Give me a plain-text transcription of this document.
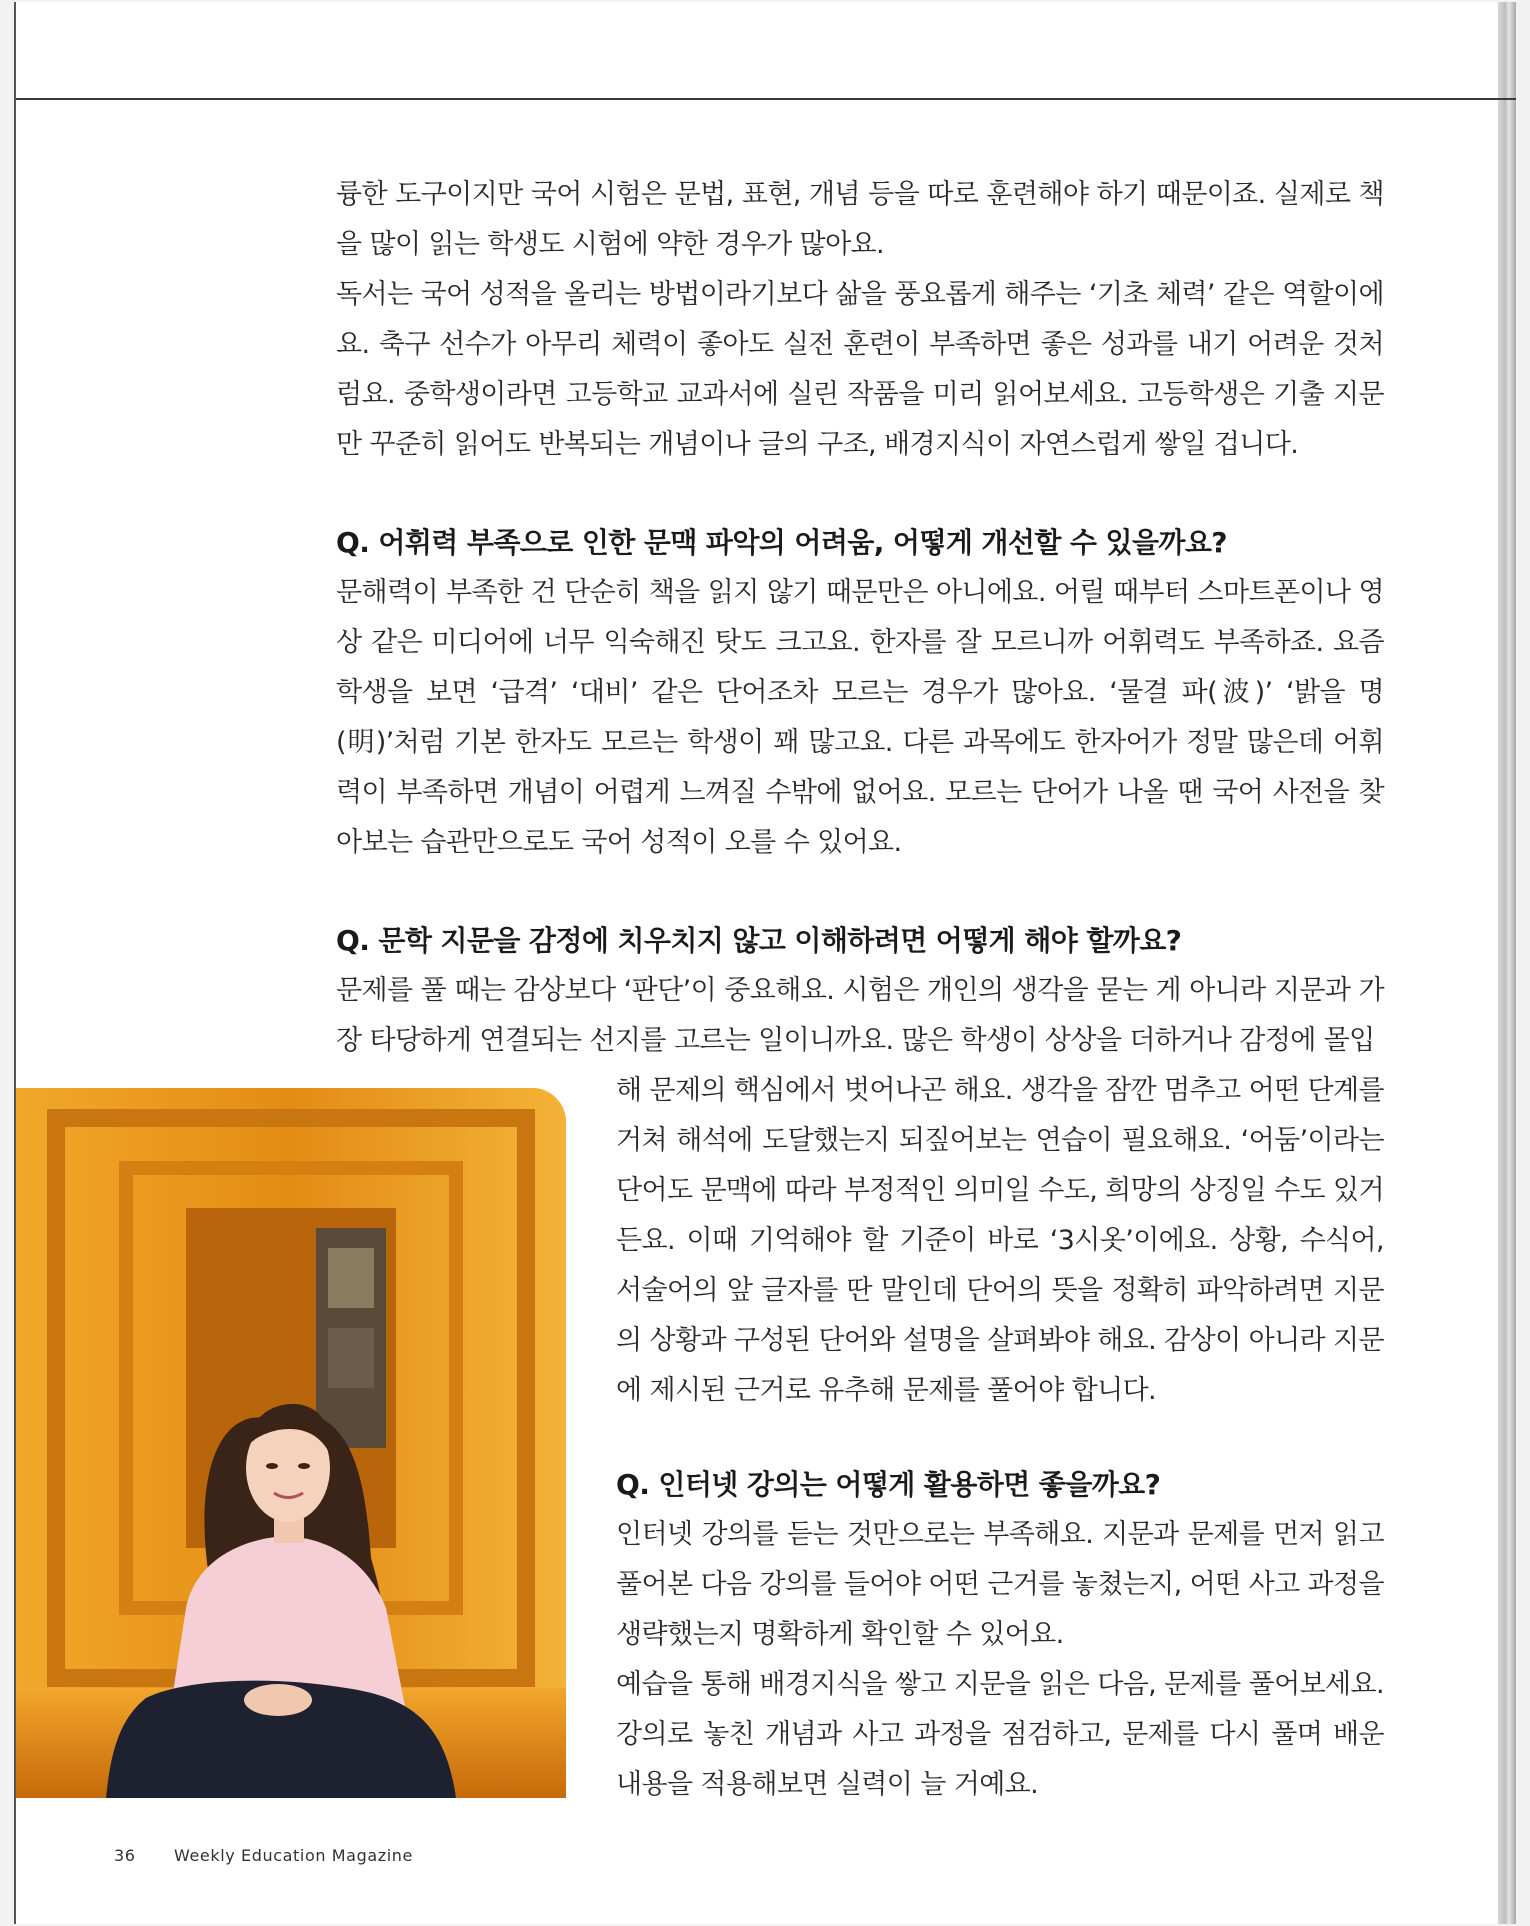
륭한 도구이지만 국어 시험은 문법, 표현, 개념 등을 따로 훈련해야 하기 때문이죠. 실제로 책을 많이 읽는 학생도 시험에 약한 경우가 많아요.

독서는 국어 성적을 올리는 방법이라기보다 삶을 풍요롭게 해주는 ‘기초 체력’ 같은 역할이에요. 축구 선수가 아무리 체력이 좋아도 실전 훈련이 부족하면 좋은 성과를 내기 어려운 것처럼요. 중학생이라면 고등학교 교과서에 실린 작품을 미리 읽어보세요. 고등학생은 기출 지문만 꾸준히 읽어도 반복되는 개념이나 글의 구조, 배경지식이 자연스럽게 쌓일 겁니다.

Q. 어휘력 부족으로 인한 문맥 파악의 어려움, 어떻게 개선할 수 있을까요?

문해력이 부족한 건 단순히 책을 읽지 않기 때문만은 아니에요. 어릴 때부터 스마트폰이나 영상 같은 미디어에 너무 익숙해진 탓도 크고요. 한자를 잘 모르니까 어휘력도 부족하죠. 요즘 학생을 보면 ‘급격’ ‘대비’ 같은 단어조차 모르는 경우가 많아요. ‘물결 파(波)’ ‘밝을 명(明)’처럼 기본 한자도 모르는 학생이 꽤 많고요. 다른 과목에도 한자어가 정말 많은데 어휘력이 부족하면 개념이 어렵게 느껴질 수밖에 없어요. 모르는 단어가 나올 땐 국어 사전을 찾아보는 습관만으로도 국어 성적이 오를 수 있어요.

Q. 문학 지문을 감정에 치우치지 않고 이해하려면 어떻게 해야 할까요?

문제를 풀 때는 감상보다 ‘판단’이 중요해요. 시험은 개인의 생각을 묻는 게 아니라 지문과 가장 타당하게 연결되는 선지를 고르는 일이니까요. 많은 학생이 상상을 더하거나 감정에 몰입

해 문제의 핵심에서 벗어나곤 해요. 생각을 잠깐 멈추고 어떤 단계를 거쳐 해석에 도달했는지 되짚어보는 연습이 필요해요. ‘어둠’이라는 단어도 문맥에 따라 부정적인 의미일 수도, 희망의 상징일 수도 있거든요. 이때 기억해야 할 기준이 바로 ‘3시옷’이에요. 상황, 수식어, 서술어의 앞 글자를 딴 말인데 단어의 뜻을 정확히 파악하려면 지문의 상황과 구성된 단어와 설명을 살펴봐야 해요. 감상이 아니라 지문에 제시된 근거로 유추해 문제를 풀어야 합니다.

Q. 인터넷 강의는 어떻게 활용하면 좋을까요?

인터넷 강의를 듣는 것만으로는 부족해요. 지문과 문제를 먼저 읽고 풀어본 다음 강의를 들어야 어떤 근거를 놓쳤는지, 어떤 사고 과정을 생략했는지 명확하게 확인할 수 있어요.

예습을 통해 배경지식을 쌓고 지문을 읽은 다음, 문제를 풀어보세요. 강의로 놓친 개념과 사고 과정을 점검하고, 문제를 다시 풀며 배운 내용을 적용해보면 실력이 늘 거예요.

36 Weekly Education Magazine
